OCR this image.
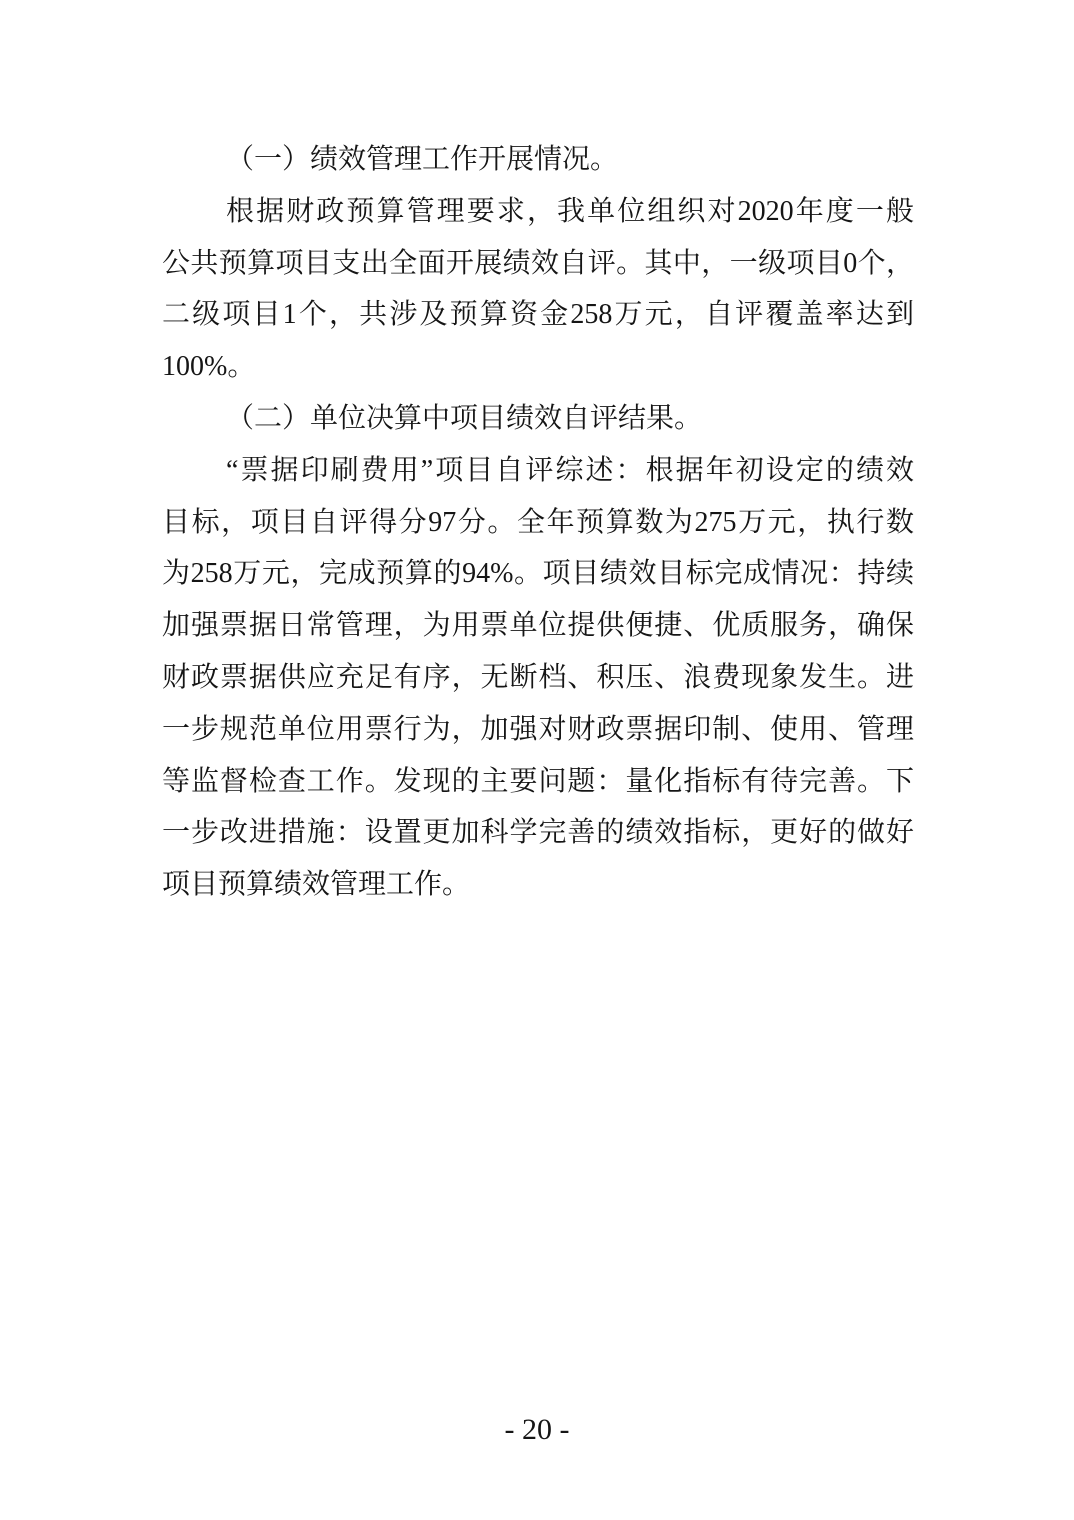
（一）绩效管理工作开展情况。
根据财政预算管理要求，我单位组织对2020年度一般
公共预算项目支出全面开展绩效自评。其中，一级项目0个，
二级项目1个，共涉及预算资金258万元，自评覆盖率达到
100%。
（二）单位决算中项目绩效自评结果。
“票据印刷费用”项目自评综述：根据年初设定的绩效
目标，项目自评得分97分。全年预算数为275万元，执行数
为258万元，完成预算的94%。项目绩效目标完成情况：持续
加强票据日常管理，为用票单位提供便捷、优质服务，确保
财政票据供应充足有序，无断档、积压、浪费现象发生。进
一步规范单位用票行为，加强对财政票据印制、使用、管理
等监督检查工作。发现的主要问题：量化指标有待完善。下
一步改进措施：设置更加科学完善的绩效指标，更好的做好
项目预算绩效管理工作。
- 20 -
